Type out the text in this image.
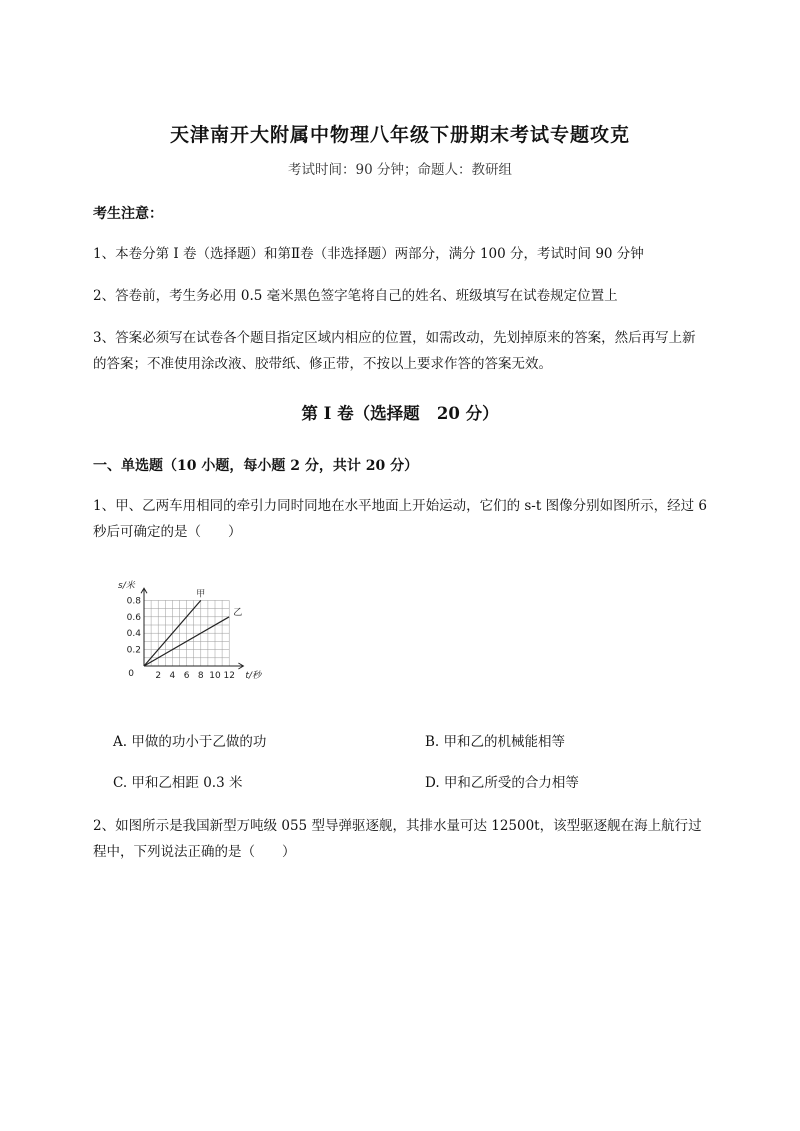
天津南开大附属中物理八年级下册期末考试专题攻克
考试时间：90 分钟；命题人：教研组
考生注意：
1、本卷分第 I 卷（选择题）和第Ⅱ卷（非选择题）两部分，满分 100 分，考试时间 90 分钟
2、答卷前，考生务必用 0.5 毫米黑色签字笔将自己的姓名、班级填写在试卷规定位置上
3、答案必须写在试卷各个题目指定区域内相应的位置，如需改动，先划掉原来的答案，然后再写上新的答案；不准使用涂改液、胶带纸、修正带，不按以上要求作答的答案无效。
第 I 卷（选择题   20 分）
一、单选题（10 小题，每小题 2 分，共计 20 分）
1、甲、乙两车用相同的牵引力同时同地在水平地面上开始运动，它们的 s-t 图像分别如图所示，经过 6 秒后可确定的是（　　）
2 4 6 8 10 12
0.2
0.4
0.6
0.8
0
s/米
t/秒
甲
乙
A. 甲做的功小于乙做的功	B. 甲和乙的机械能相等
C. 甲和乙相距 0.3 米	D. 甲和乙所受的合力相等
2、如图所示是我国新型万吨级 055 型导弹驱逐舰，其排水量可达 12500t，该型驱逐舰在海上航行过程中，下列说法正确的是（　　）
